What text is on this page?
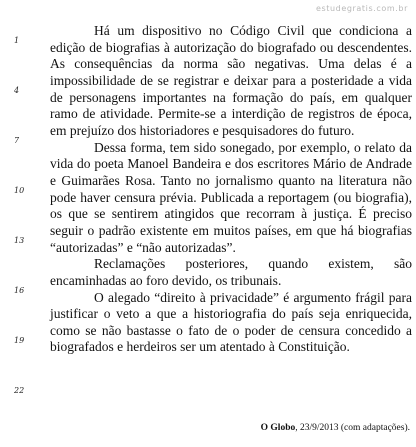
estudegratis.com.br
1
4
7
10
13
16
19
22

Há um dispositivo no Código Civil que condiciona a edição de biografias à autorização do biografado ou descendentes. As consequências da norma são negativas. Uma delas é a impossibilidade de se registrar e deixar para a posteridade a vida de personagens importantes na formação do país, em qualquer ramo de atividade. Permite-se a interdição de registros de época, em prejuízo dos historiadores e pesquisadores do futuro.

Dessa forma, tem sido sonegado, por exemplo, o relato da vida do poeta Manoel Bandeira e dos escritores Mário de Andrade e Guimarães Rosa. Tanto no jornalismo quanto na literatura não pode haver censura prévia. Publicada a reportagem (ou biografia), os que se sentirem atingidos que recorram à justiça. É preciso seguir o padrão existente em muitos países, em que há biografias “autorizadas” e “não autorizadas”.

Reclamações posteriores, quando existem, são encaminhadas ao foro devido, os tribunais.

O alegado “direito à privacidade” é argumento frágil para justificar o veto a que a historiografia do país seja enriquecida, como se não bastasse o fato de o poder de censura concedido a biografados e herdeiros ser um atentado à Constituição.

O Globo, 23/9/2013 (com adaptações).
